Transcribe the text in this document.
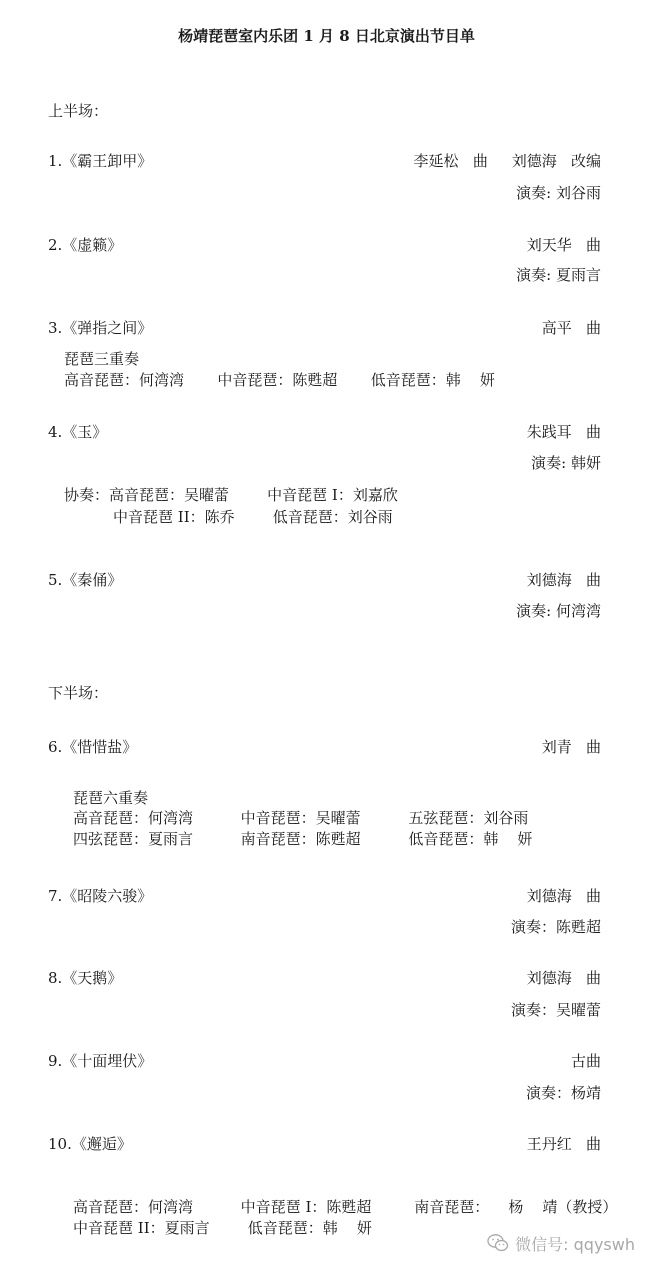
杨靖琵琶室内乐团 1 月 8 日北京演出节目单
上半场：
1.《霸王卸甲》	李延松   曲     刘德海   改编
演奏: 刘谷雨
2.《虚籁》	刘天华   曲
演奏: 夏雨言
3.《弹指之间》	高平   曲
琵琶三重奏
高音琵琶：何湾湾       中音琵琶：陈甦超       低音琵琶：韩    妍
4.《玉》	朱践耳   曲
演奏: 韩妍
协奏：高音琵琶：吴曜蕾        中音琵琶 I：刘嘉欣
中音琵琶 II：陈乔        低音琵琶：刘谷雨
5.《秦俑》	刘德海   曲
演奏: 何湾湾
下半场：
6.《惜惜盐》	刘青   曲
琵琶六重奏
高音琵琶：何湾湾          中音琵琶：吴曜蕾          五弦琵琶：刘谷雨
四弦琵琶：夏雨言          南音琵琶：陈甦超          低音琵琶：韩    妍
7.《昭陵六骏》	刘德海   曲
演奏：陈甦超
8.《天鹅》	刘德海   曲
演奏：吴曜蕾
9.《十面埋伏》	古曲
演奏：杨靖
10.《邂逅》	王丹红   曲
高音琵琶：何湾湾          中音琵琶 I：陈甦超         南音琵琶：    杨    靖（教授）
中音琵琶 II：夏雨言        低音琵琶：韩    妍
微信号: qqyswh
